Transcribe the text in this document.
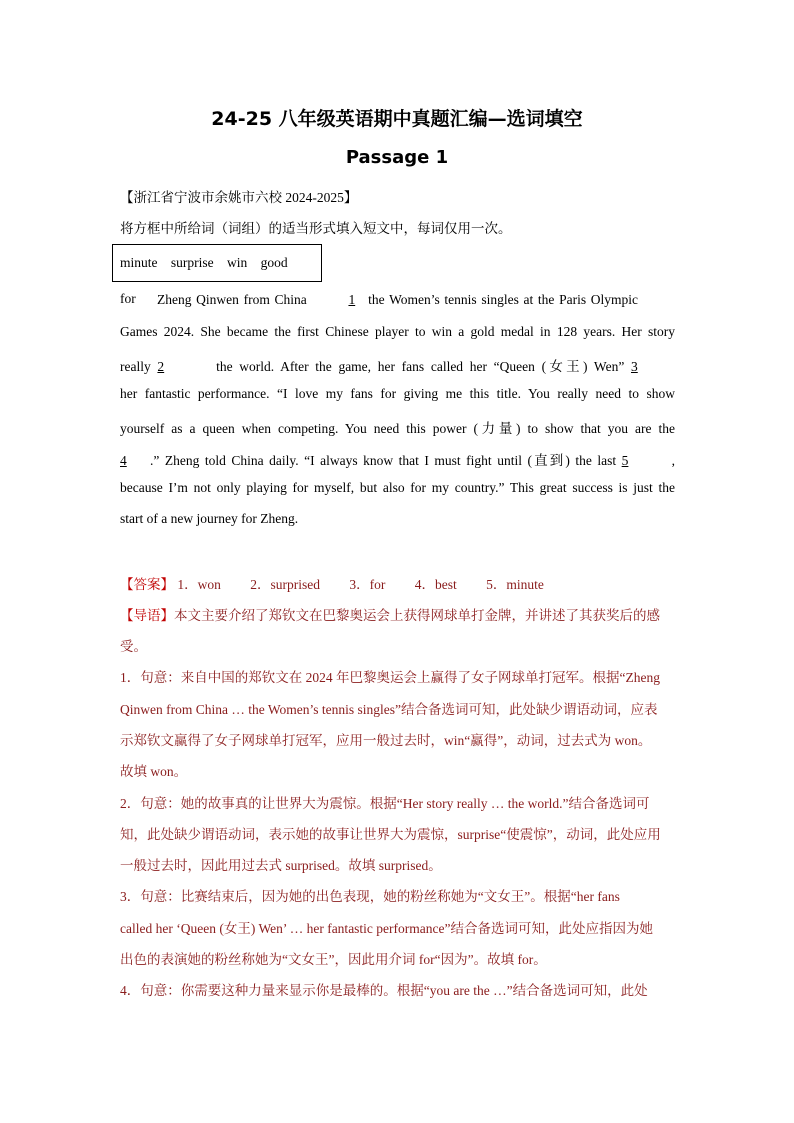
24-25 八年级英语期中真题汇编—选词填空
Passage 1
【浙江省宁波市余姚市六校 2024-2025】
将方框中所给词（词组）的适当形式填入短文中，每词仅用一次。
minute surprise win good for	Zheng Qinwen from China	1 the Women’s tennis singles at the Paris Olympic
Games 2024. She became the first Chinese player to win a gold medal in 128 years. Her story
really 2	the world. After the game, her fans called her “Queen (女王) Wen” 3
her fantastic performance. “I love my fans for giving me this title. You really need to show
yourself as a queen when competing. You need this power (力量) to show that you are the
4 .” Zheng told China daily. “I always know that I must fight until (直到) the last 5	,
because I’m not only playing for myself, but also for my country.” This great success is just the
start of a new journey for Zheng.
【答案】 1．won 2．surprised 3．for 4．best 5．minute
【导语】本文主要介绍了郑钦文在巴黎奥运会上获得网球单打金牌，并讲述了其获奖后的感
受。
1．句意：来自中国的郑钦文在 2024 年巴黎奥运会上赢得了女子网球单打冠军。根据“Zheng
Qinwen from China … the Women’s tennis singles”结合备选词可知，此处缺少谓语动词，应表
示郑钦文赢得了女子网球单打冠军，应用一般过去时，win“赢得”，动词，过去式为 won。
故填 won。
2．句意：她的故事真的让世界大为震惊。根据“Her story really … the world.”结合备选词可
知，此处缺少谓语动词，表示她的故事让世界大为震惊，surprise“使震惊”，动词，此处应用
一般过去时，因此用过去式 surprised。故填 surprised。
3．句意：比赛结束后，因为她的出色表现，她的粉丝称她为“文女王”。根据“her fans
called her ‘Queen (女王) Wen’ … her fantastic performance”结合备选词可知，此处应指因为她
出色的表演她的粉丝称她为“文女王”，因此用介词 for“因为”。故填 for。
4．句意：你需要这种力量来显示你是最棒的。根据“you are the …”结合备选词可知，此处
